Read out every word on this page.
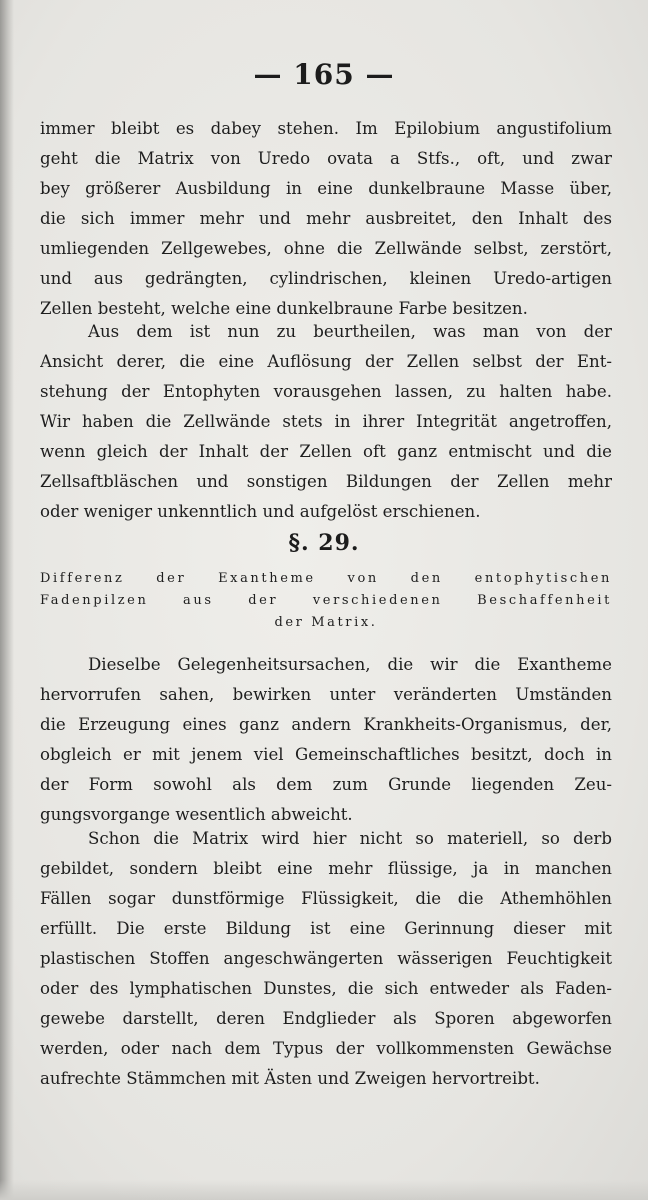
— 165 —
immer bleibt es dabey stehen. Im Epilobium angustifolium
geht die Matrix von Uredo ovata a Stfs., oft, und zwar
bey größerer Ausbildung in eine dunkelbraune Masse über,
die sich immer mehr und mehr ausbreitet, den Inhalt des
umliegenden Zellgewebes, ohne die Zellwände selbst, zerstört,
und aus gedrängten, cylindrischen, kleinen Uredo-artigen
Zellen besteht, welche eine dunkelbraune Farbe besitzen.
Aus dem ist nun zu beurtheilen, was man von der
Ansicht derer, die eine Auflösung der Zellen selbst der Ent-
stehung der Entophyten vorausgehen lassen, zu halten habe.
Wir haben die Zellwände stets in ihrer Integrität angetroffen,
wenn gleich der Inhalt der Zellen oft ganz entmischt und die
Zellsaftbläschen und sonstigen Bildungen der Zellen mehr
oder weniger unkenntlich und aufgelöst erschienen.
§. 29.
Differenz der Exantheme von den entophytischen
Fadenpilzen aus der verschiedenen Beschaffenheit
der Matrix.
Dieselbe Gelegenheitsursachen, die wir die Exantheme
hervorrufen sahen, bewirken unter veränderten Umständen
die Erzeugung eines ganz andern Krankheits-Organismus, der,
obgleich er mit jenem viel Gemeinschaftliches besitzt, doch in
der Form sowohl als dem zum Grunde liegenden Zeu-
gungsvorgange wesentlich abweicht.
Schon die Matrix wird hier nicht so materiell, so derb
gebildet, sondern bleibt eine mehr flüssige, ja in manchen
Fällen sogar dunstförmige Flüssigkeit, die die Athemhöhlen
erfüllt. Die erste Bildung ist eine Gerinnung dieser mit
plastischen Stoffen angeschwängerten wässerigen Feuchtigkeit
oder des lymphatischen Dunstes, die sich entweder als Faden-
gewebe darstellt, deren Endglieder als Sporen abgeworfen
werden, oder nach dem Typus der vollkommensten Gewächse
aufrechte Stämmchen mit Ästen und Zweigen hervortreibt.
